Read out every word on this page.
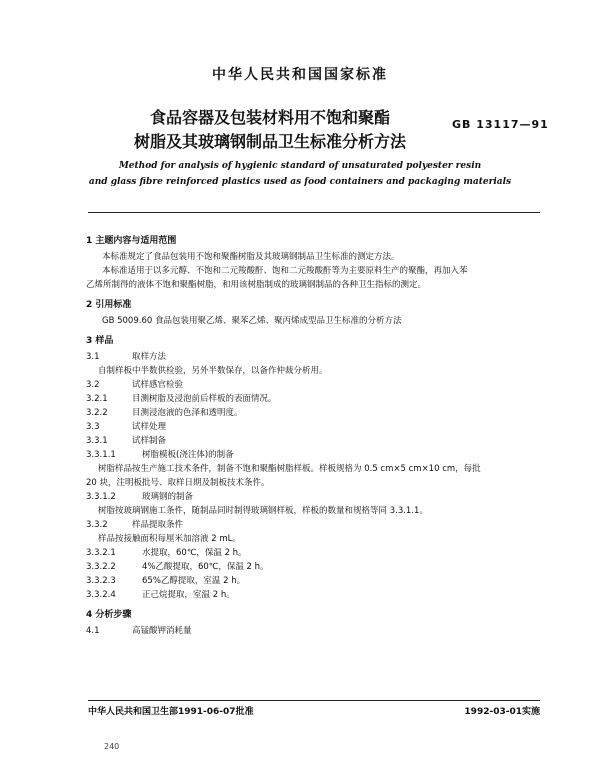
中华人民共和国国家标准
食品容器及包装材料用不饱和聚酯
树脂及其玻璃钢制品卫生标准分析方法
GB 13117—91
Method for analysis of hygienic standard of unsaturated polyester resin
and glass fibre reinforced plastics used as food containers and packaging materials
1 主题内容与适用范围
本标准规定了食品包装用不饱和聚酯树脂及其玻璃钢制品卫生标准的测定方法。
本标准适用于以多元醇、不饱和二元羧酸酐、饱和二元羧酸酐等为主要原料生产的聚酯，再加入苯
乙烯所制得的液体不饱和聚酯树脂，和用该树脂制成的玻璃钢制品的各种卫生指标的测定。
2 引用标准
GB 5009.60 食品包装用聚乙烯、聚苯乙烯、聚丙烯成型品卫生标准的分析方法
3 样品
3.1	取样方法
自制样板中半数供检验，另外半数保存，以备作仲裁分析用。
3.2	试样感官检验
3.2.1	目测树脂及浸泡前后样板的表面情况。
3.2.2	目测浸泡液的色泽和透明度。
3.3	试样处理
3.3.1	试样制备
3.3.1.1	树脂模板(浇注体)的制备
树脂样品按生产施工技术条件，制备不饱和聚酯树脂样板。样板规格为 0.5 cm×5 cm×10 cm，每批
20 块，注明板批号、取样日期及制板技术条件。
3.3.1.2	玻璃钢的制备
树脂按玻璃钢施工条件，随制品同时制得玻璃钢样板，样板的数量和规格等同 3.3.1.1。
3.3.2	样品提取条件
样品按接触面积每厘米加溶液 2 mL。
3.3.2.1	水提取，60℃，保温 2 h。
3.3.2.2	4%乙酸提取，60℃，保温 2 h。
3.3.2.3	65%乙醇提取，室温 2 h。
3.3.2.4	正己烷提取，室温 2 h。
4 分析步骤
4.1	高锰酸钾消耗量
中华人民共和国卫生部1991-06-07批准	1992-03-01实施
240
